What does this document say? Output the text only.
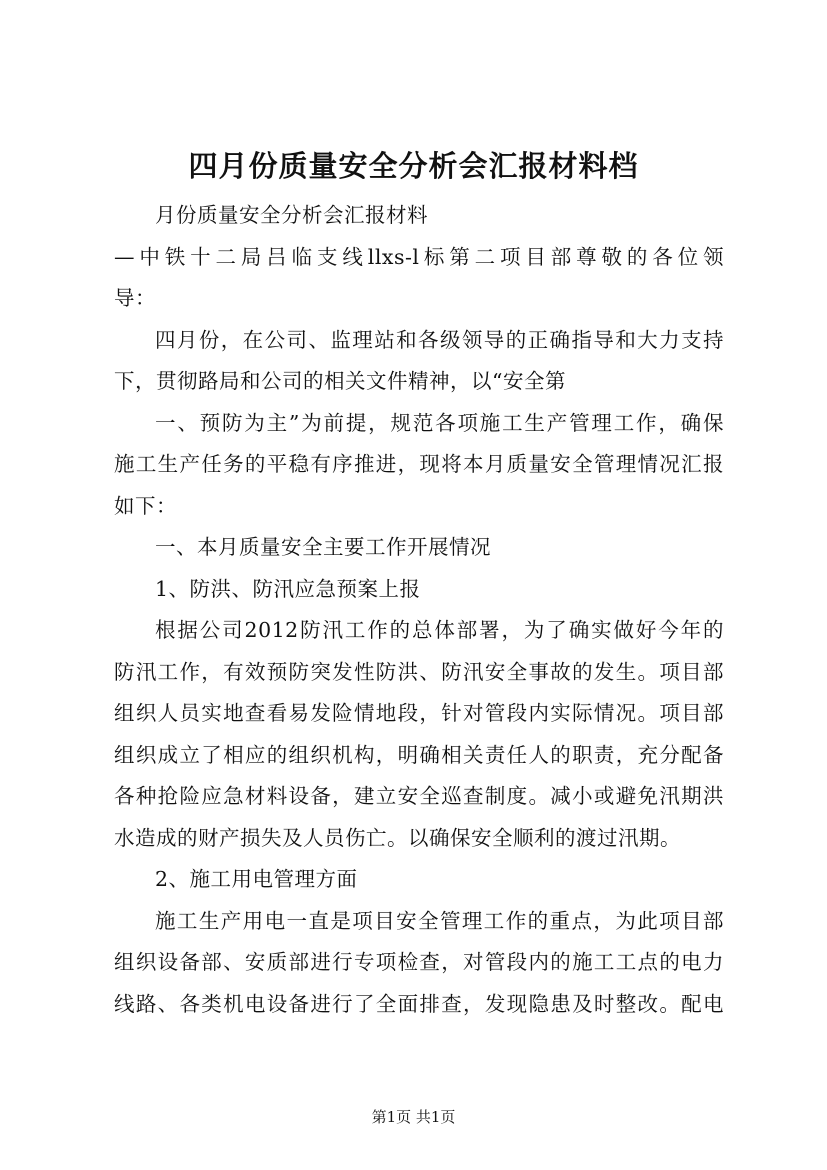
四月份质量安全分析会汇报材料档

月份质量安全分析会汇报材料

—中铁十二局吕临支线llxs-l标第二项目部尊敬的各位领

导：

四月份，在公司、监理站和各级领导的正确指导和大力支持

下，贯彻路局和公司的相关文件精神，以“安全第

一、预防为主”为前提，规范各项施工生产管理工作，确保

施工生产任务的平稳有序推进，现将本月质量安全管理情况汇报

如下：

一、本月质量安全主要工作开展情况

1、防洪、防汛应急预案上报

根据公司2012防汛工作的总体部署，为了确实做好今年的

防汛工作，有效预防突发性防洪、防汛安全事故的发生。项目部

组织人员实地查看易发险情地段，针对管段内实际情况。项目部

组织成立了相应的组织机构，明确相关责任人的职责，充分配备

各种抢险应急材料设备，建立安全巡查制度。减小或避免汛期洪

水造成的财产损失及人员伤亡。以确保安全顺利的渡过汛期。

2、施工用电管理方面

施工生产用电一直是项目安全管理工作的重点，为此项目部

组织设备部、安质部进行专项检查，对管段内的施工工点的电力

线路、各类机电设备进行了全面排查，发现隐患及时整改。配电

第1页 共1页
